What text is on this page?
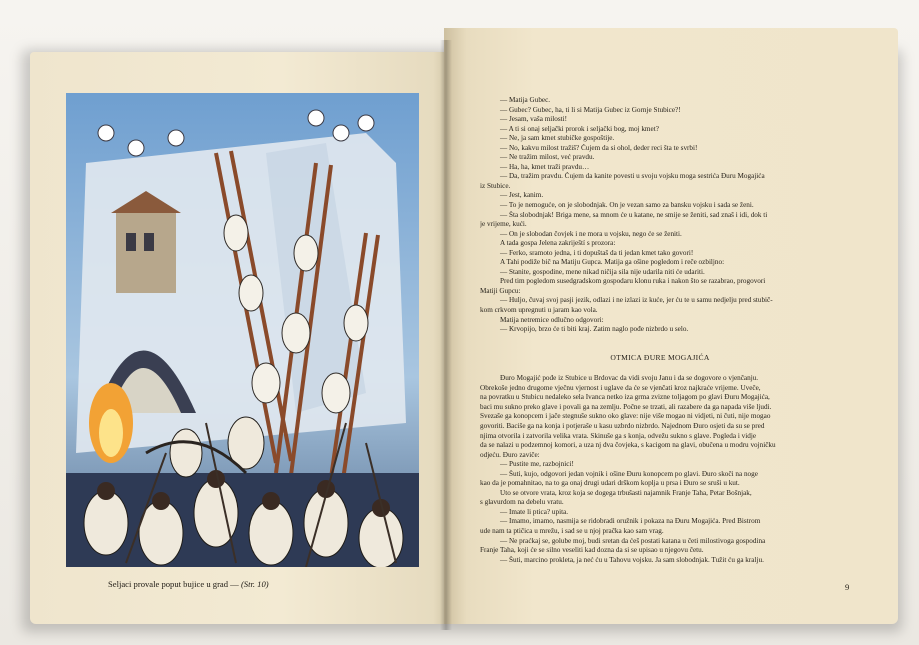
Seljaci provale poput bujice u grad — (Str. 10)
— Matija Gubec.
— Gubec? Gubec, ha, ti li si Matija Gubec iz Gornje Stubice?!
— Jesam, vaša milosti!
— A ti si onaj seljački prorok i seljački bog, moj kmet?
— Ne, ja sam kmet stubičke gospoštije.
— No, kakvu milost tražiš? Čujem da si ohol, deder reci šta te svrbi!
— Ne tražim milost, već pravdu.
— Ha, ha, kmet traži pravdu…
— Da, tražim pravdu. Čujem da kanite povesti u svoju vojsku moga sestrića Đuru Mogajića
iz Stubice.
— Jest, kanim.
— To je nemoguće, on je slobodnjak. On je vezan samo za bansku vojsku i sada se ženi.
— Šta slobodnjak! Briga mene, sa mnom će u katane, ne smije se ženiti, sad znaš i idi, dok ti
je vrijeme, kući.
— On je slobodan čovjek i ne mora u vojsku, nego će se ženiti.
A tada gospa Jelena zakriještí s prozora:
— Ferko, sramoto jedna, i ti dopuštaš da ti jedan kmet tako govori!
A Tahi podiže bič na Matiju Gupca. Matija ga ošine pogledom i reče ozbiljno:
— Stanite, gospodine, mene nikad ničija sila nije udarila niti će udariti.
Pred tim pogledom susedgradskom gospodaru klonu ruka i nakon što se razabrao, progovori
Matiji Gupcu:
— Huljo, čuvaj svoj pasji jezik, odlazi i ne izlazi iz kuće, jer ću te u samu nedjelju pred stubič-
kom crkvom upregnuti u jaram kao vola.
Matija netremice odlučno odgovori:
— Krvopijo, brzo će ti biti kraj. Zatim naglo pođe nizbrdo u selo.
OTMICA ĐURE MOGAJIĆA
Đuro Mogajić pođe iz Stubice u Brdovac da vidi svoju Janu i da se dogovore o vjenčanju.
Obrekoše jedno drugome vječnu vjernost i uglave da će se vjenčati kroz najkraće vrijeme. Uveče,
na povratku u Stubicu nedaleko sela Ivanca netko iza grma zvizne toljagom po glavi Đuru Mogajića,
baci mu sukno preko glave i povali ga na zemlju. Počne se trzati, ali razabere da ga napada više ljudi.
Svezaše ga konopcem i jače stegnuše sukno oko glave: nije više mogao ni vidjeti, ni čuti, nije mogao
govoriti. Baciše ga na konja i potjeraše u kasu uzbrdo nizbrdo. Najednom Đuro osjeti da su se pred
njima otvorila i zatvorila velika vrata. Skinuše ga s konja, odvežu sukno s glave. Pogleda i vidje
da se nalazi u podzemnoj komori, a uza nj dva čovjeka, s kacigom na glavi, obučena u modru vojničku
odjeću. Đuro zaviče:
— Pustite me, razbojnici!
— Šuti, kujo, odgovori jedan vojnik i ošine Đuru konopcem po glavi. Đuro skoči na noge
kao da je pomahnitao, na to ga onaj drugi udari drškom koplja u prsa i Đuro se sruši u kut.
Uto se otvore vrata, kroz koja se dogega trbušasti najamnik Franje Taha, Petar Bošnjak,
s glavurdom na debelu vratu.
— Imate li ptica? upita.
— Imamo, imamo, nasmija se ridobradi oružnik i pokaza na Đuru Mogajića. Pred Bistrom
ude nam ta ptičica u mrežu, i sad se u njoj pračka kao sam vrag.
— Ne praćkaj se, golube moj, budi sretan da ćeš postati katana u četi milostivoga gospodina
Franje Taha, koji će se silno veseliti kad dozna da si se upisao u njegovu četu.
— Šuti, marcino prokleta, ja neć ću u Tahovu vojsku. Ja sam slobodnjak. Tužit ću ga kralju.
9
